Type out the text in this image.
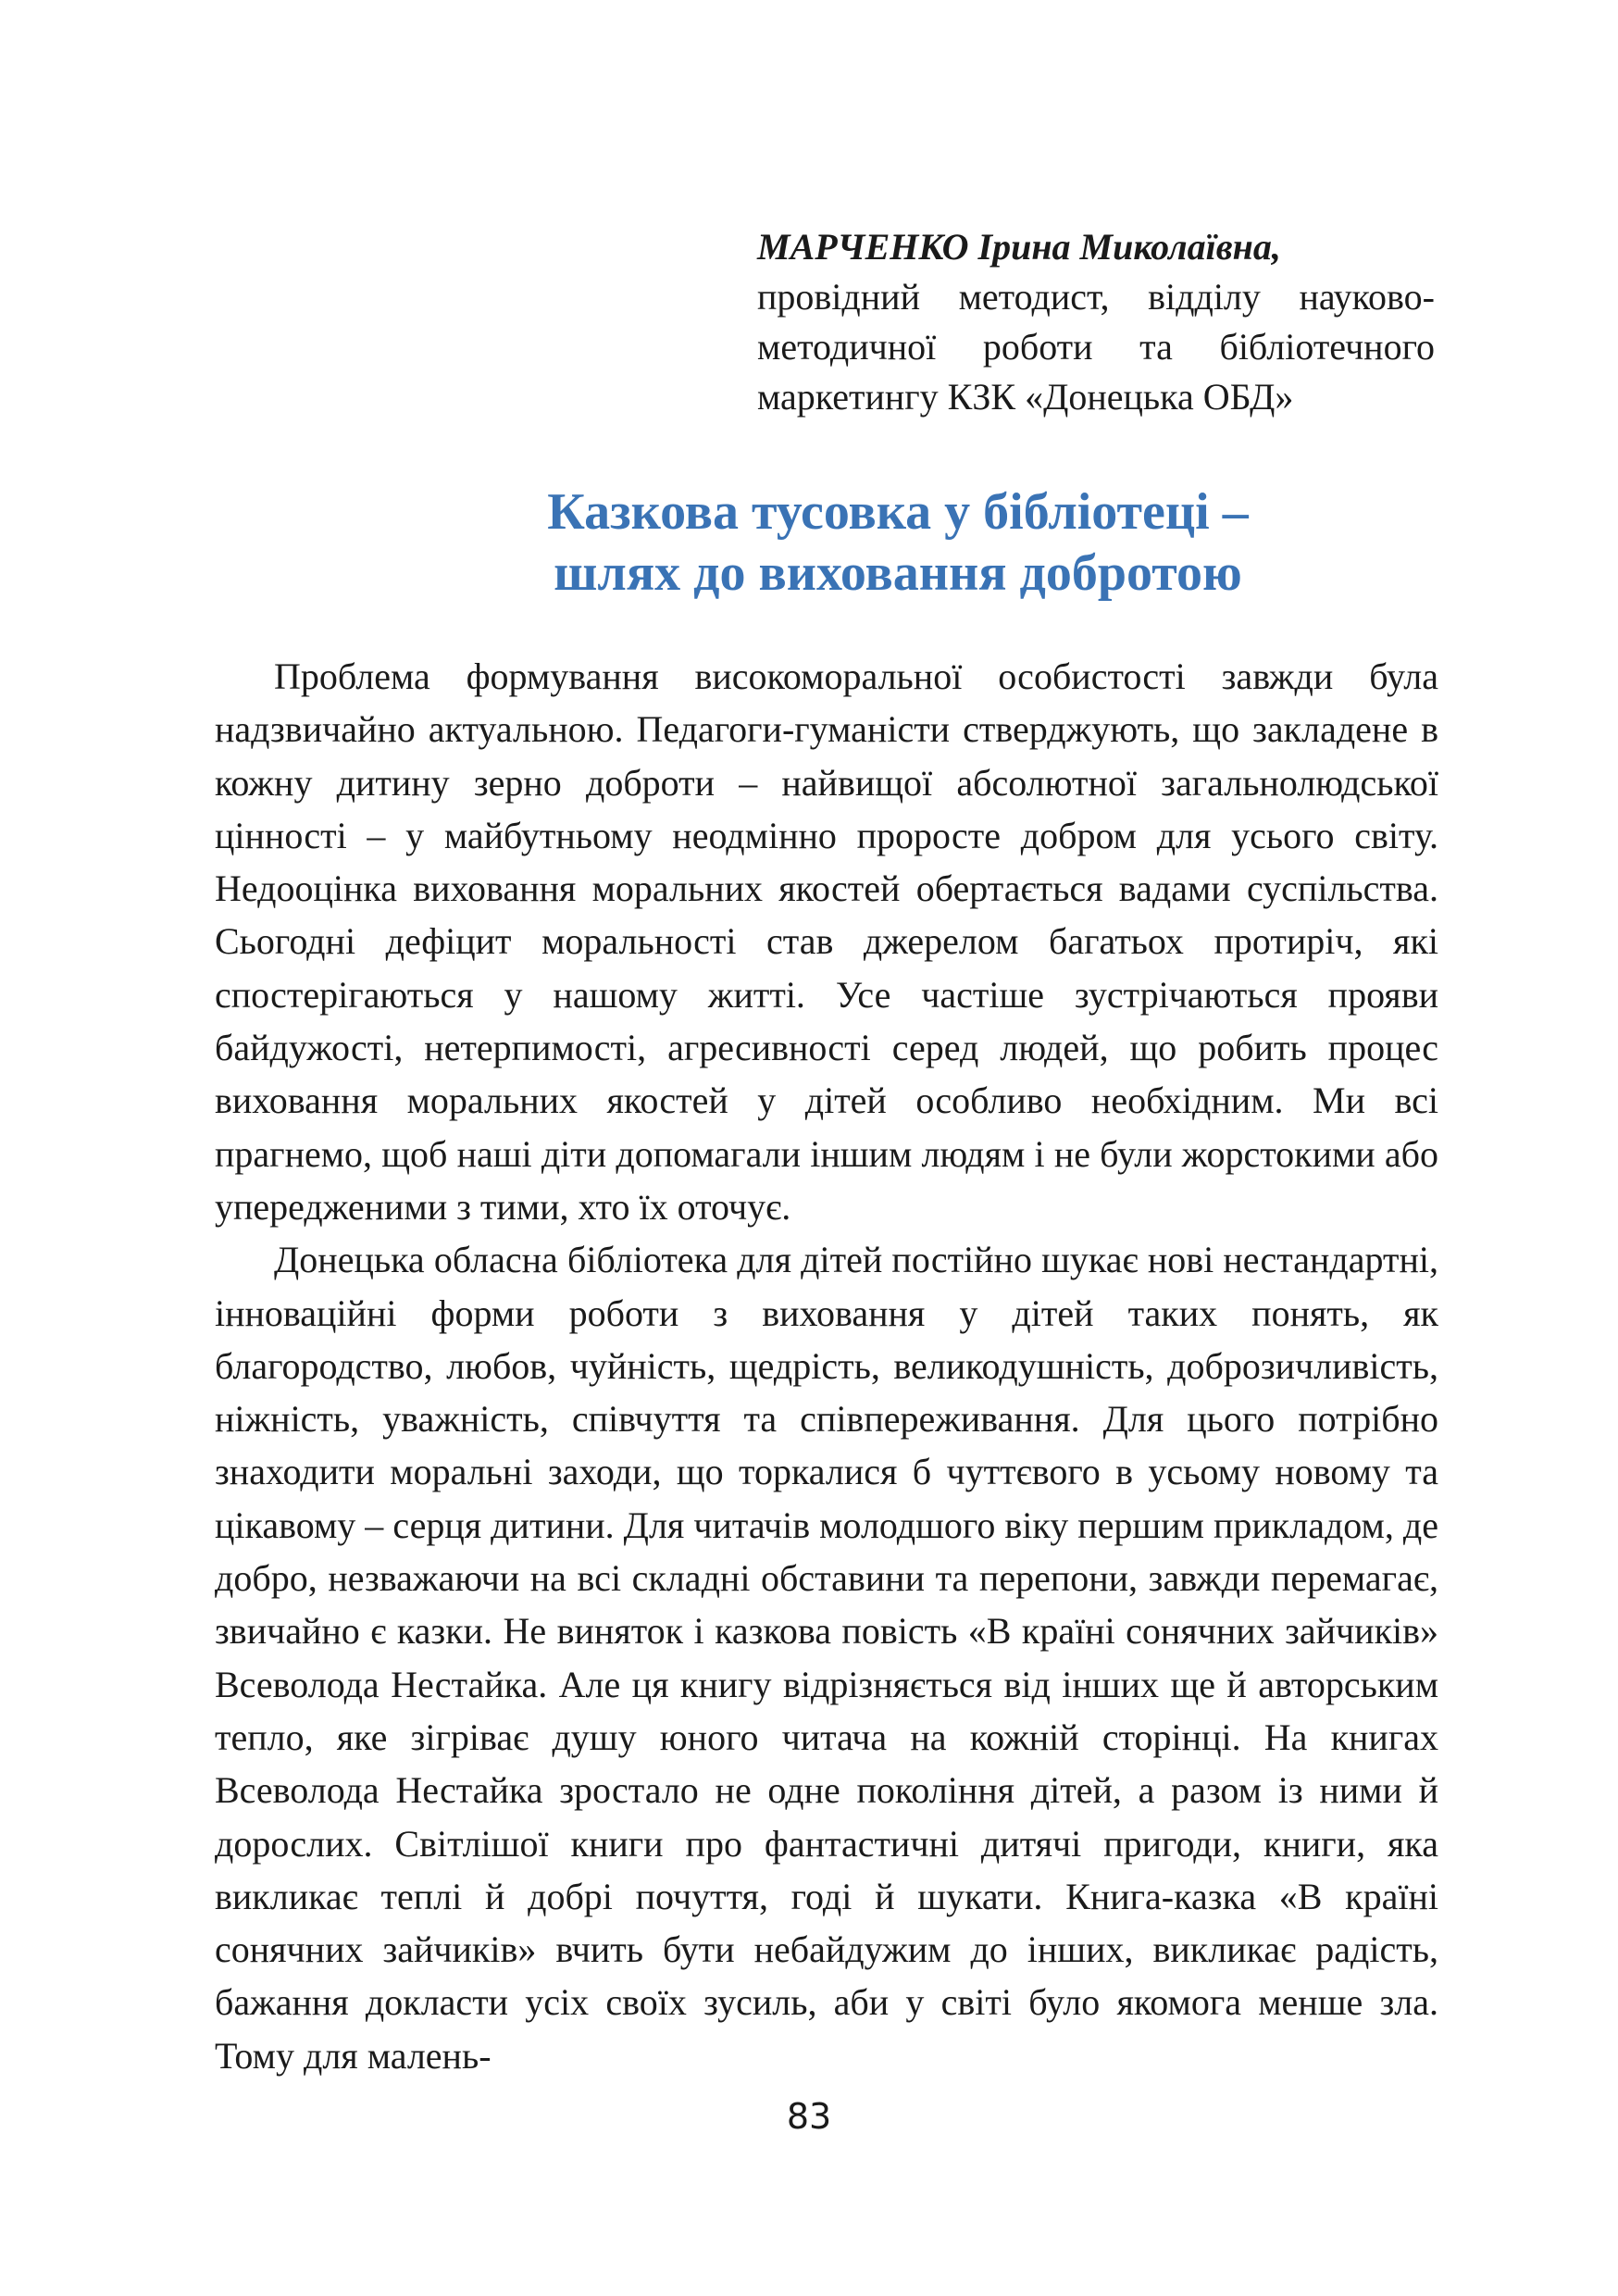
МАРЧЕНКО Ірина Миколаївна,

провідний методист, відділу науково-методичної роботи та бібліотечного маркетингу КЗК «Донецька ОБД»

Казкова тусовка у бібліотеці –
шлях до виховання добротою

Проблема формування високоморальної особистості завжди була надзвичайно актуальною. Педагоги-гуманісти стверджують, що закладене в кожну дитину зерно доброти – найвищої абсолютної загальнолюдської цінності – у майбутньому неодмінно проросте добром для усього світу. Недооцінка виховання моральних якостей обертається вадами суспільства. Сьогодні дефіцит моральності став джерелом багатьох протиріч, які спостерігаються у нашому житті. Усе частіше зустрічаються прояви байдужості, нетерпимості, агресивності серед людей, що робить процес виховання моральних якостей у дітей особливо необхідним. Ми всі прагнемо, щоб наші діти допомагали іншим людям і не були жорстокими або упередженими з тими, хто їх оточує.

Донецька обласна бібліотека для дітей постійно шукає нові нестандартні, інноваційні форми роботи з виховання у дітей таких понять, як благородство, любов, чуйність, щедрість, великодушність, доброзичливість, ніжність, уважність, співчуття та співпереживання. Для цього потрібно знаходити моральні заходи, що торкалися б чуттєвого в усьому новому та цікавому – серця дитини. Для читачів молодшого віку першим прикладом, де добро, незважаючи на всі складні обставини та перепони, завжди перемагає, звичайно є казки. Не виняток і казкова повість «В країні сонячних зайчиків» Всеволода Нестайка. Але ця книгу відрізняється від інших ще й авторським тепло, яке зігріває душу юного читача на кожній сторінці. На книгах Всеволода Нестайка зростало не одне покоління дітей, а разом із ними й дорослих. Світлішої книги про фантастичні дитячі пригоди, книги, яка викликає теплі й добрі почуття, годі й шукати. Книга-казка «В країні сонячних зайчиків» вчить бути небайдужим до інших, викликає радість, бажання докласти усіх своїх зусиль, аби у світі було якомога менше зла. Тому для малень-

83
